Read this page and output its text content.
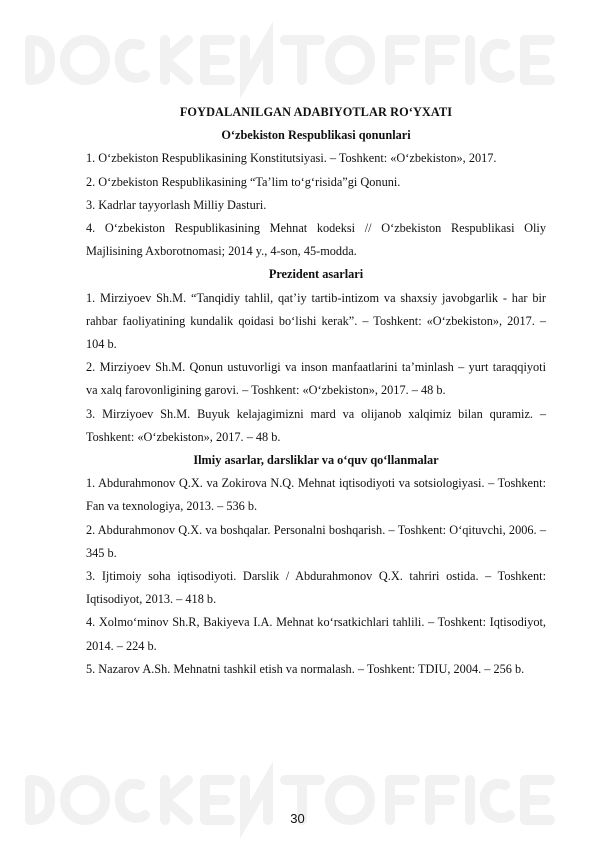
FOYDALANILGAN ADABIYOTLAR RO‘YXATI
O‘zbekiston Respublikasi qonunlari

1. O‘zbekiston Respublikasining Konstitutsiyasi. – Toshkent: «O‘zbekiston», 2017.

2. O‘zbekiston Respublikasining “Ta’lim to‘g‘risida”gi Qonuni.

3. Kadrlar tayyorlash Milliy Dasturi.

4. O‘zbekiston Respublikasining Mehnat kodeksi // O‘zbekiston Respublikasi Oliy Majlisining Axborotnomasi; 2014 y., 4-son, 45-modda.

Prezident asarlari

1. Mirziyoev Sh.M. “Tanqidiy tahlil, qat’iy tartib-intizom va shaxsiy javobgarlik - har bir rahbar faoliyatining kundalik qoidasi bo‘lishi kerak”. – Toshkent: «O‘zbekiston», 2017. – 104 b.

2. Mirziyoev Sh.M. Qonun ustuvorligi va inson manfaatlarini ta’minlash – yurt taraqqiyoti va xalq farovonligining garovi. – Toshkent: «O‘zbekiston», 2017. – 48 b.

3. Mirziyoev Sh.M. Buyuk kelajagimizni mard va olijanob xalqimiz bilan quramiz. – Toshkent: «O‘zbekiston», 2017. – 48 b.

Ilmiy asarlar, darsliklar va o‘quv qo‘llanmalar

1. Abdurahmonov Q.X. va Zokirova N.Q. Mehnat iqtisodiyoti va sotsiologiyasi. – Toshkent: Fan va texnologiya, 2013. – 536 b.

2. Abdurahmonov Q.X. va boshqalar. Personalni boshqarish. – Toshkent: O‘qituvchi, 2006. – 345 b.

3. Ijtimoiy soha iqtisodiyoti. Darslik / Abdurahmonov Q.X. tahriri ostida. – Toshkent: Iqtisodiyot, 2013. – 418 b.

4. Xolmo‘minov Sh.R, Bakiyeva I.A. Mehnat ko‘rsatkichlari tahlili. – Toshkent: Iqtisodiyot, 2014. – 224 b.

5. Nazarov A.Sh. Mehnatni tashkil etish va normalash. – Toshkent: TDIU, 2004. – 256 b.

30
